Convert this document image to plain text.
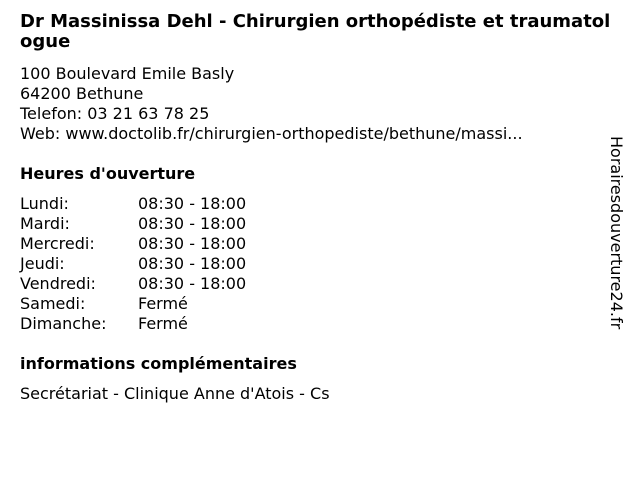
Dr Massinissa Dehl - Chirurgien orthopédiste et traumatologue
100 Boulevard Emile Basly
64200 Bethune
Telefon: 03 21 63 78 25
Web: www.doctolib.fr/chirurgien-orthopediste/bethune/massi...
Heures d'ouverture
Lundi:	08:30 - 18:00
Mardi:	08:30 - 18:00
Mercredi:	08:30 - 18:00
Jeudi:	08:30 - 18:00
Vendredi:	08:30 - 18:00
Samedi:	Fermé
Dimanche:	Fermé
informations complémentaires
Secrétariat - Clinique Anne d'Atois - Cs
Horairesdouverture24.fr
